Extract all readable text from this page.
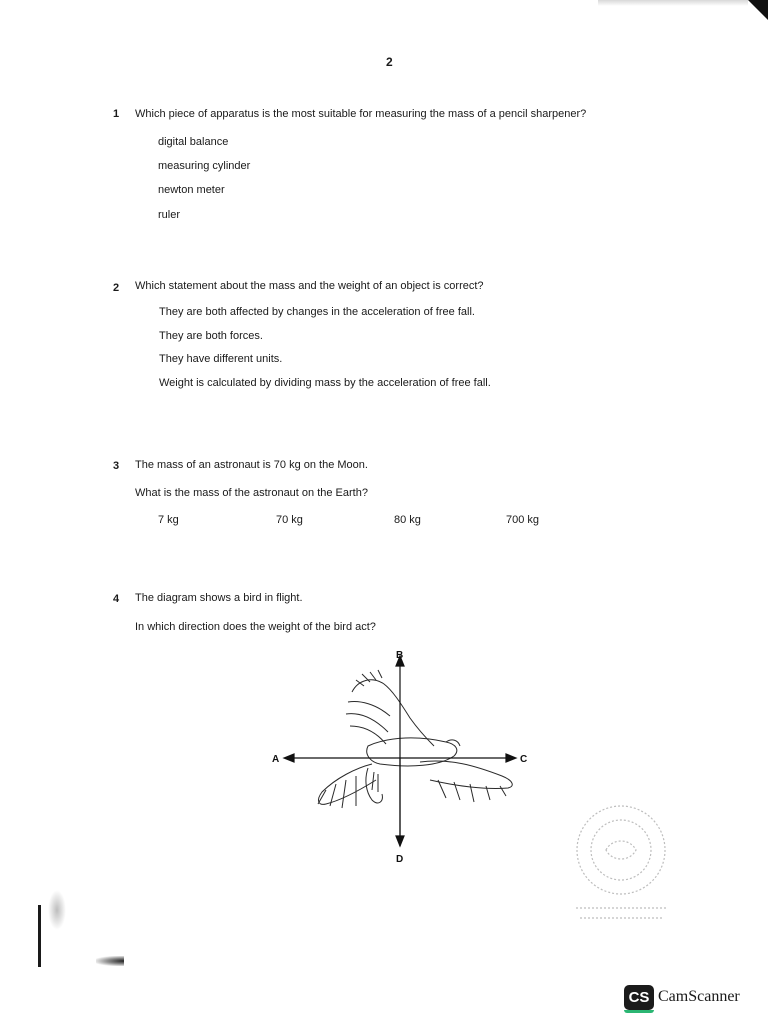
2
1 Which piece of apparatus is the most suitable for measuring the mass of a pencil sharpener?
digital balance
measuring cylinder
newton meter
ruler
2 Which statement about the mass and the weight of an object is correct?
They are both affected by changes in the acceleration of free fall.
They are both forces.
They have different units.
Weight is calculated by dividing mass by the acceleration of free fall.
3 The mass of an astronaut is 70 kg on the Moon.
What is the mass of the astronaut on the Earth?
7 kg	70 kg	80 kg	700 kg
4 The diagram shows a bird in flight.
In which direction does the weight of the bird act?
B
A	C
D
CS CamScanner
